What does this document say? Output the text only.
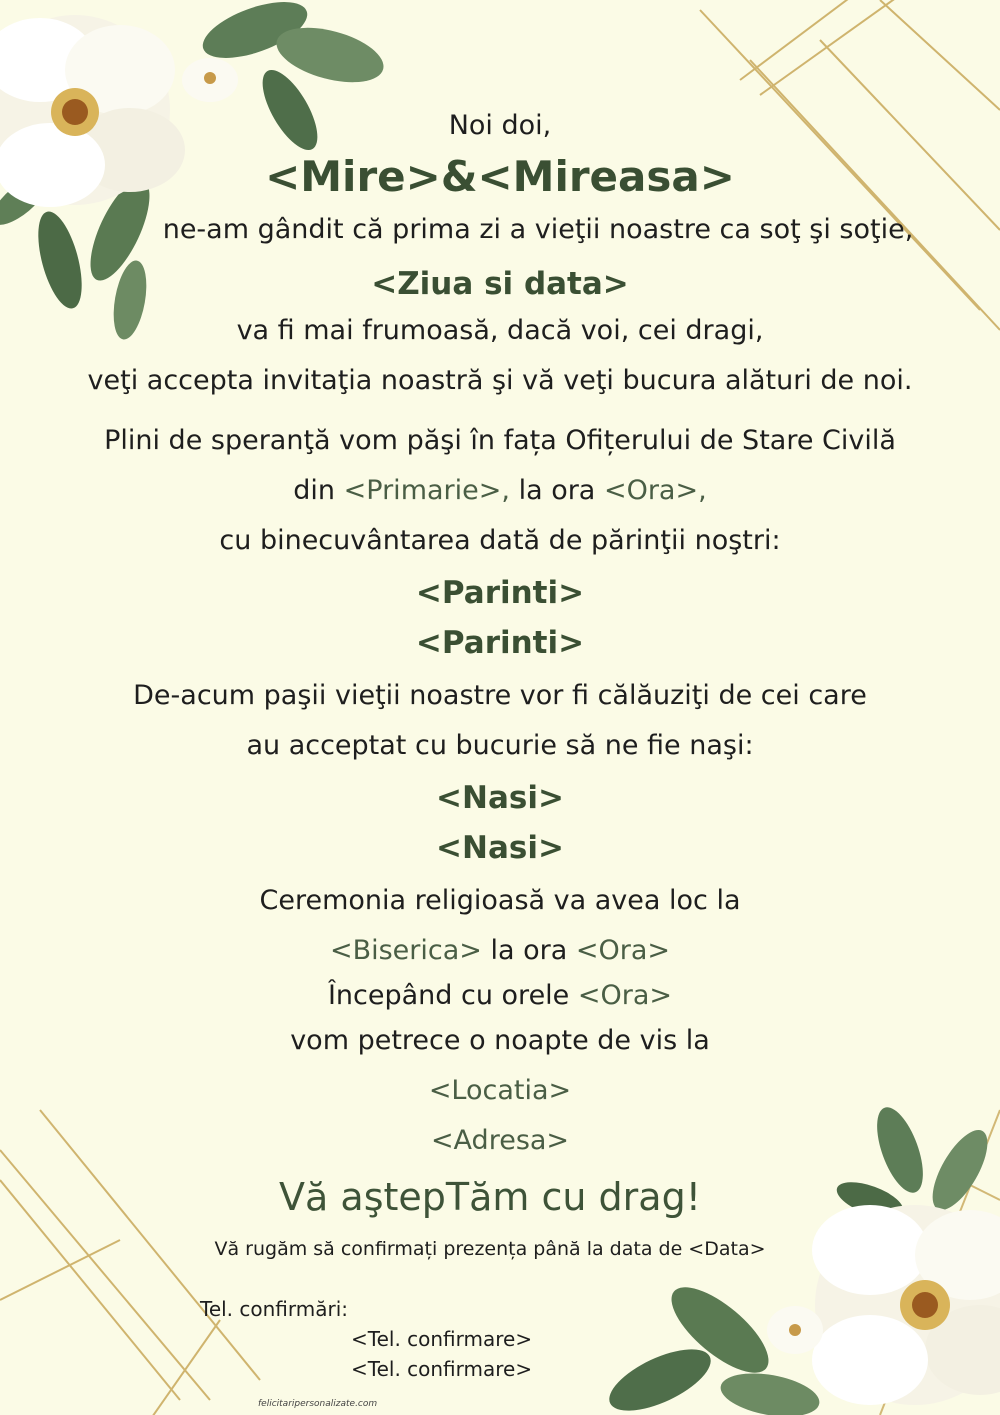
Noi doi,
<Mire>&<Mireasa>
ne-am gândit că prima zi a vieţii noastre ca soţ şi soţie,
<Ziua si data>
va fi mai frumoasă, dacă voi, cei dragi,
veţi accepta invitaţia noastră şi vă veţi bucura alături de noi.
Plini de speranţă vom păşi în fața Ofițerului de Stare Civilă
din <Primarie>, la ora <Ora>,
cu binecuvântarea dată de părinţii noştri:
<Parinti>
<Parinti>
De-acum paşii vieţii noastre vor fi călăuziţi de cei care
au acceptat cu bucurie să ne fie naşi:
<Nasi>
<Nasi>
Ceremonia religioasă va avea loc la
<Biserica> la ora <Ora>
Începând cu orele <Ora>
vom petrece o noapte de vis la
<Locatia>
<Adresa>
Vă aştepTăm cu drag!
Vă rugăm să confirmați prezența până la data de <Data>
Tel. confirmări:
<Tel. confirmare>
<Tel. confirmare>
felicitaripersonalizate.com
